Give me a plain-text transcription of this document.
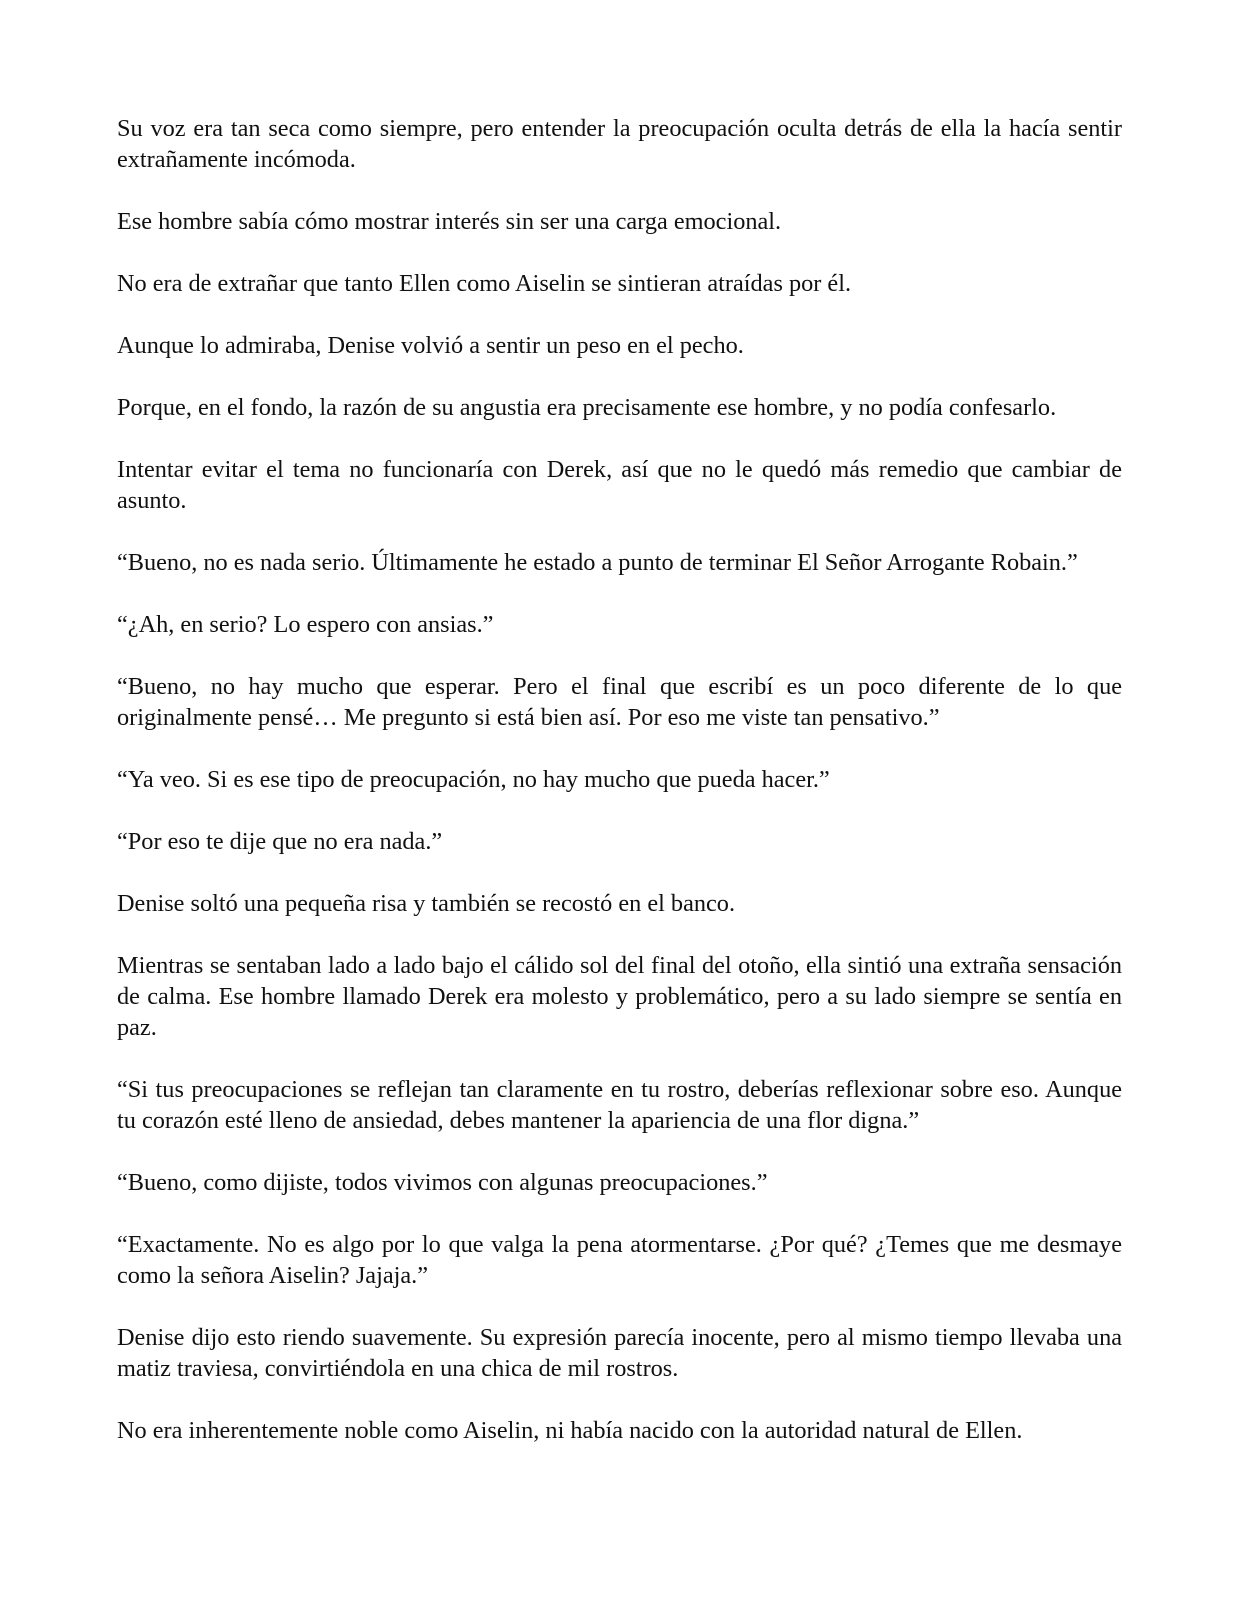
Su voz era tan seca como siempre, pero entender la preocupación oculta detrás de ella la hacía sentir extrañamente incómoda.

Ese hombre sabía cómo mostrar interés sin ser una carga emocional.

No era de extrañar que tanto Ellen como Aiselin se sintieran atraídas por él.

Aunque lo admiraba, Denise volvió a sentir un peso en el pecho.

Porque, en el fondo, la razón de su angustia era precisamente ese hombre, y no podía confesarlo.

Intentar evitar el tema no funcionaría con Derek, así que no le quedó más remedio que cambiar de asunto.

“Bueno, no es nada serio. Últimamente he estado a punto de terminar El Señor Arrogante Robain.”

“¿Ah, en serio? Lo espero con ansias.”

“Bueno, no hay mucho que esperar. Pero el final que escribí es un poco diferente de lo que originalmente pensé… Me pregunto si está bien así. Por eso me viste tan pensativo.”

“Ya veo. Si es ese tipo de preocupación, no hay mucho que pueda hacer.”

“Por eso te dije que no era nada.”

Denise soltó una pequeña risa y también se recostó en el banco.

Mientras se sentaban lado a lado bajo el cálido sol del final del otoño, ella sintió una extraña sensación de calma. Ese hombre llamado Derek era molesto y problemático, pero a su lado siempre se sentía en paz.

“Si tus preocupaciones se reflejan tan claramente en tu rostro, deberías reflexionar sobre eso. Aunque tu corazón esté lleno de ansiedad, debes mantener la apariencia de una flor digna.”

“Bueno, como dijiste, todos vivimos con algunas preocupaciones.”

“Exactamente. No es algo por lo que valga la pena atormentarse. ¿Por qué? ¿Temes que me desmaye como la señora Aiselin? Jajaja.”

Denise dijo esto riendo suavemente. Su expresión parecía inocente, pero al mismo tiempo llevaba una matiz traviesa, convirtiéndola en una chica de mil rostros.

No era inherentemente noble como Aiselin, ni había nacido con la autoridad natural de Ellen.
